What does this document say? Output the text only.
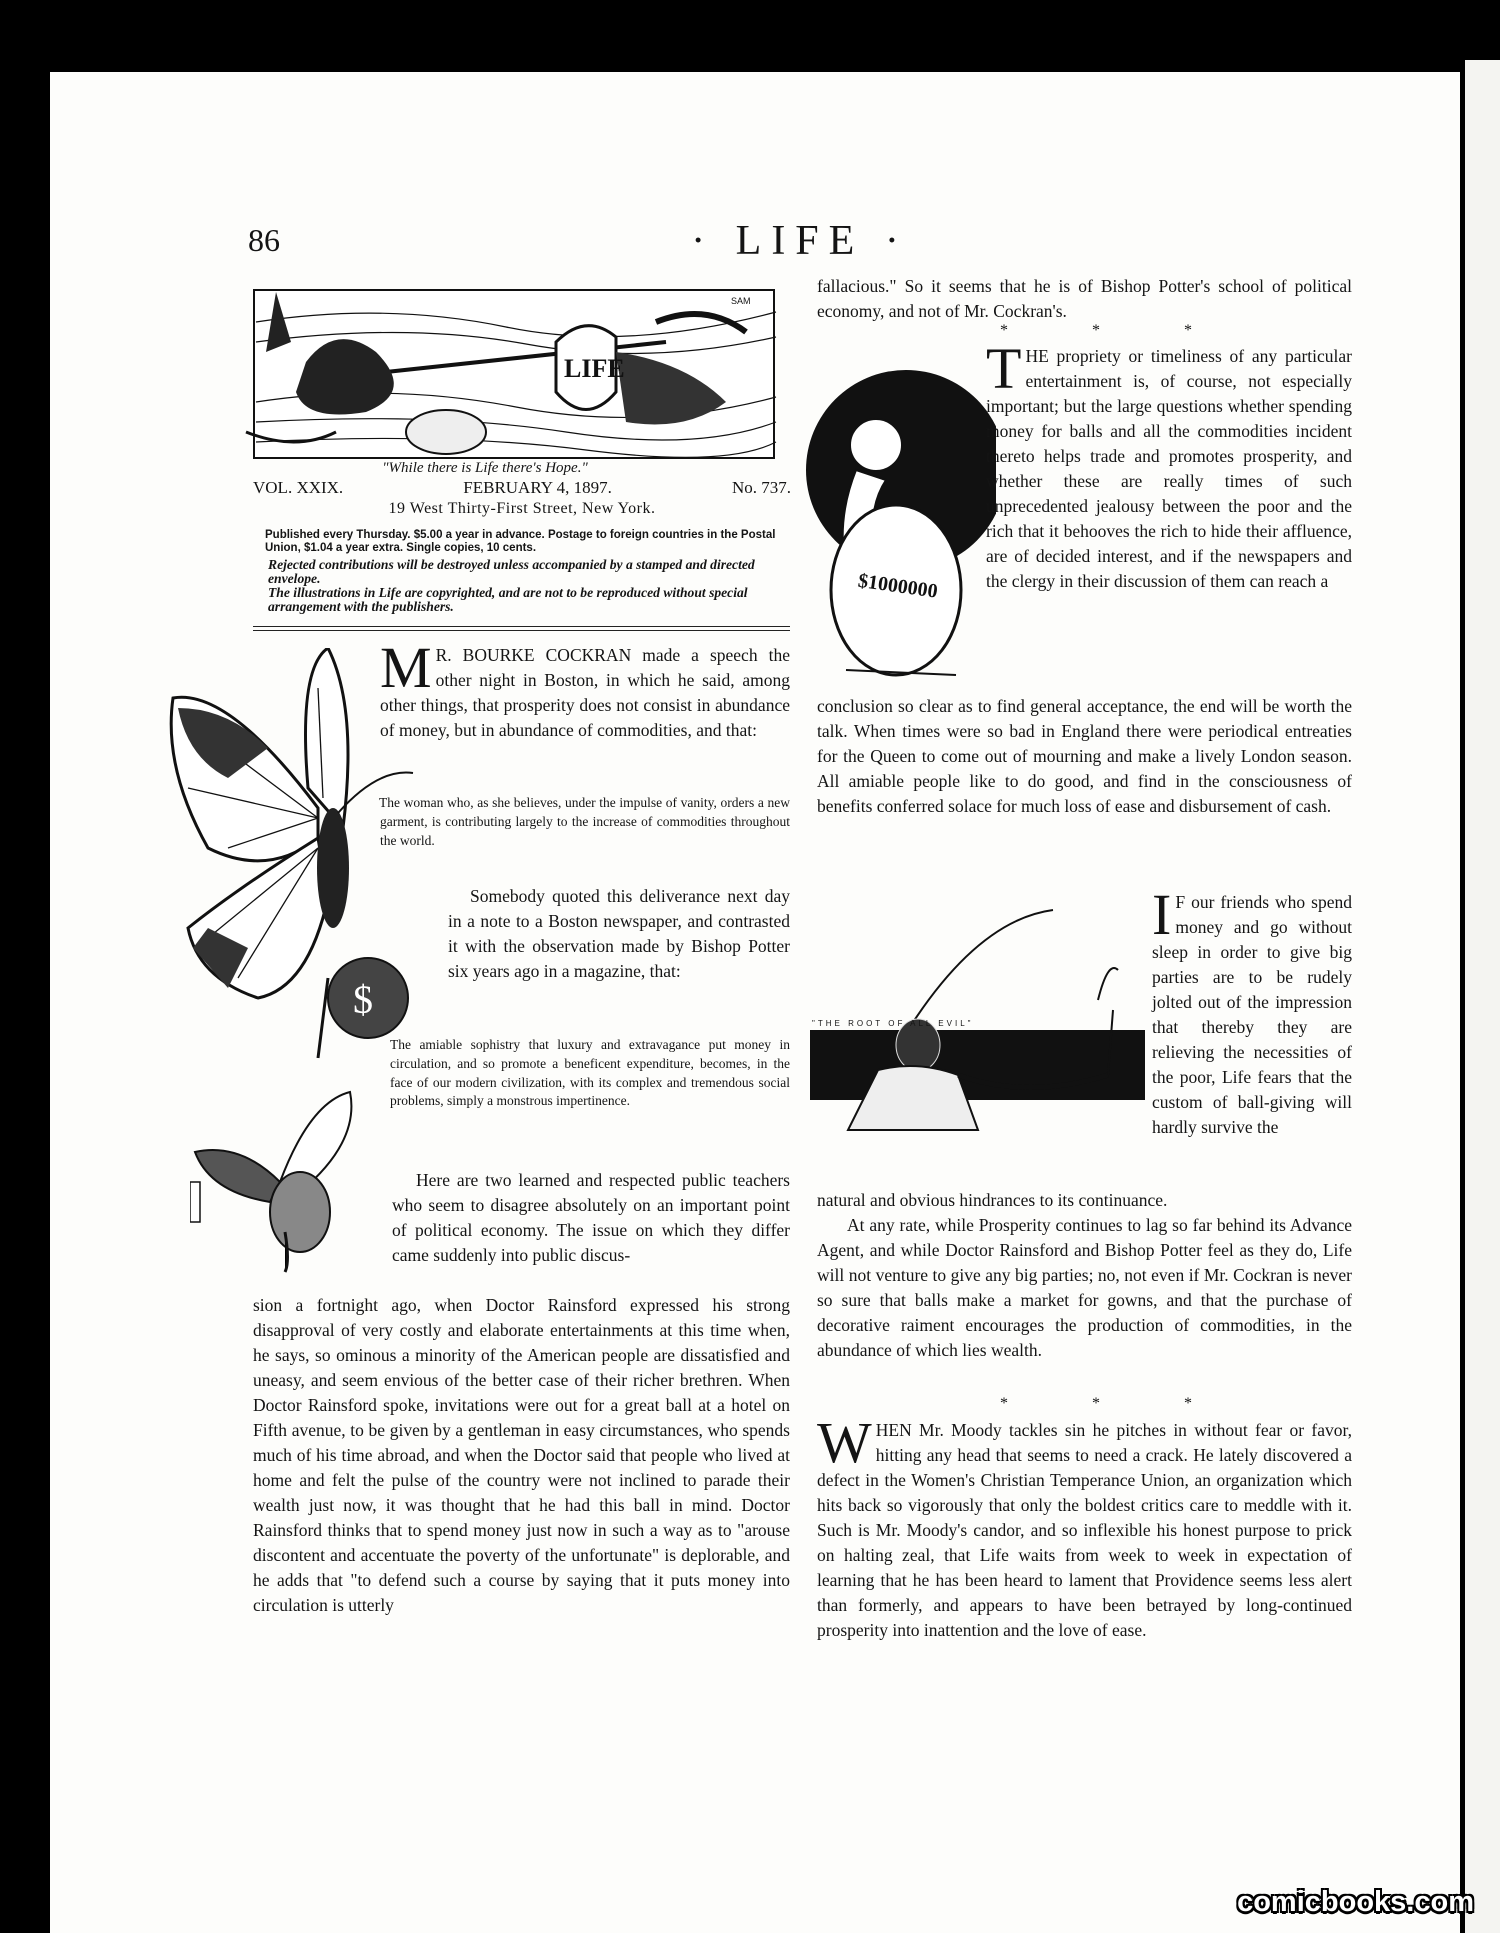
86	· LIFE ·
LIFE
SAM
"While there is Life there's Hope."
VOL. XXIX.	FEBRUARY 4, 1897.	No. 737.
19 West Thirty-First Street, New York.
Published every Thursday. $5.00 a year in advance. Postage to foreign countries in the Postal Union, $1.04 a year extra. Single copies, 10 cents.
Rejected contributions will be destroyed unless accompanied by a stamped and directed envelope.
The illustrations in Life are copyrighted, and are not to be reproduced without special arrangement with the publishers.
$
M R. BOURKE COCKRAN made a speech the other night in Boston, in which he said, among other things, that prosperity does not consist in abundance of money, but in abundance of commodities, and that:
The woman who, as she believes, under the impulse of vanity, orders a new garment, is contributing largely to the increase of commodities throughout the world.
Somebody quoted this deliverance next day in a note to a Boston newspaper, and contrasted it with the observation made by Bishop Potter six years ago in a magazine, that:
The amiable sophistry that luxury and extravagance put money in circulation, and so promote a beneficent expenditure, becomes, in the face of our modern civilization, with its complex and tremendous social problems, simply a monstrous impertinence.
Here are two learned and respected public teachers who seem to disagree absolutely on an important point of political economy. The issue on which they differ came suddenly into public discus-
sion a fortnight ago, when Doctor Rainsford expressed his strong disapproval of very costly and elaborate entertainments at this time when, he says, so ominous a minority of the American people are dissatisfied and uneasy, and seem envious of the better case of their richer brethren. When Doctor Rainsford spoke, invitations were out for a great ball at a hotel on Fifth avenue, to be given by a gentleman in easy circumstances, who spends much of his time abroad, and when the Doctor said that people who lived at home and felt the pulse of the country were not inclined to parade their wealth just now, it was thought that he had this ball in mind. Doctor Rainsford thinks that to spend money just now in such a way as to "arouse discontent and accentuate the poverty of the unfortunate" is deplorable, and he adds that "to defend such a course by saying that it puts money into circulation is utterly
fallacious." So it seems that he is of Bishop Potter's school of political economy, and not of Mr. Cockran's.
* * *
$1000000
THE propriety or timeliness of any particular entertainment is, of course, not especially important; but the large questions whether spending money for balls and all the commodities incident thereto helps trade and promotes prosperity, and whether these are really times of such unprecedented jealousy between the poor and the rich that it behooves the rich to hide their affluence, are of decided interest, and if the newspapers and the clergy in their discussion of them can reach a
conclusion so clear as to find general acceptance, the end will be worth the talk. When times were so bad in England there were periodical entreaties for the Queen to come out of mourning and make a lively London season. All amiable people like to do good, and find in the consciousness of benefits conferred solace for much loss of ease and disbursement of cash.
"THE ROOT OF ALL EVIL"
I F our friends who spend money and go without sleep in order to give big parties are to be rudely jolted out of the impression that thereby they are relieving the necessities of the poor, Life fears that the custom of ball-giving will hardly survive the
natural and obvious hindrances to its continuance.
At any rate, while Prosperity continues to lag so far behind its Advance Agent, and while Doctor Rainsford and Bishop Potter feel as they do, Life will not venture to give any big parties; no, not even if Mr. Cockran is never so sure that balls make a market for gowns, and that the purchase of decorative raiment encourages the production of commodities, in the abundance of which lies wealth.
* * *
WHEN Mr. Moody tackles sin he pitches in without fear or favor, hitting any head that seems to need a crack. He lately discovered a defect in the Women's Christian Temperance Union, an organization which hits back so vigorously that only the boldest critics care to meddle with it. Such is Mr. Moody's candor, and so inflexible his honest purpose to prick on halting zeal, that Life waits from week to week in expectation of learning that he has been heard to lament that Providence seems less alert than formerly, and appears to have been betrayed by long-continued prosperity into inattention and the love of ease.
comicbooks.com
